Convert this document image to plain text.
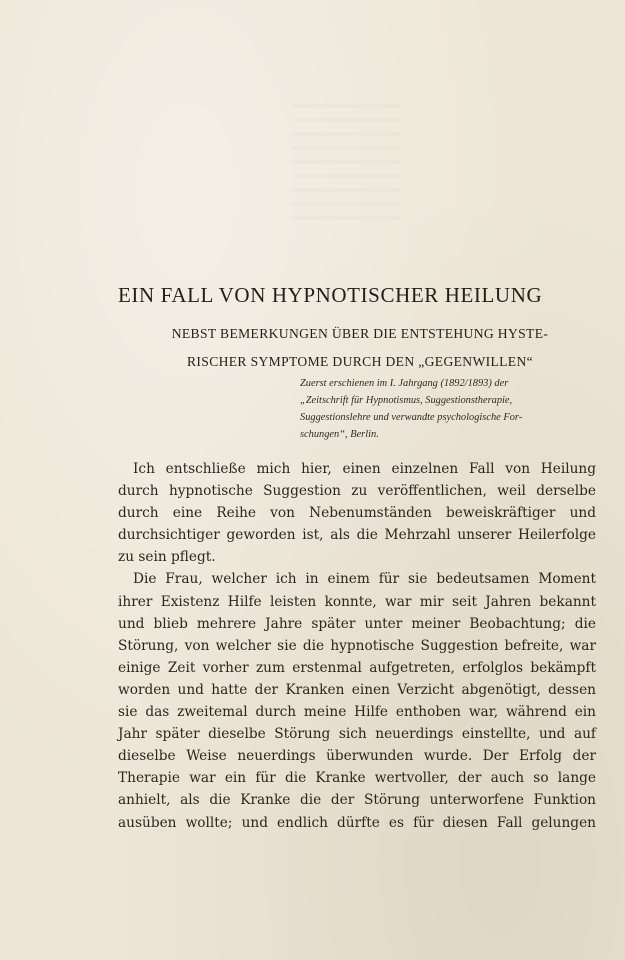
EIN FALL VON HYPNOTISCHER HEILUNG
NEBST BEMERKUNGEN ÜBER DIE ENTSTEHUNG HYSTE-
RISCHER SYMPTOME DURCH DEN „GEGENWILLEN“
Zuerst erschienen im I. Jahrgang (1892/1893) der
„Zeitschrift für Hypnotismus, Suggestionstherapie,
Suggestionslehre und verwandte psychologische For-
schungen“, Berlin.
Ich entschließe mich hier, einen einzelnen Fall von Heilung
durch hypnotische Suggestion zu veröffentlichen, weil derselbe
durch eine Reihe von Nebenumständen beweiskräftiger und
durchsichtiger geworden ist, als die Mehrzahl unserer Heilerfolge
zu sein pflegt.
Die Frau, welcher ich in einem für sie bedeutsamen Moment
ihrer Existenz Hilfe leisten konnte, war mir seit Jahren bekannt
und blieb mehrere Jahre später unter meiner Beobachtung; die
Störung, von welcher sie die hypnotische Suggestion befreite, war
einige Zeit vorher zum erstenmal aufgetreten, erfolglos bekämpft
worden und hatte der Kranken einen Verzicht abgenötigt, dessen
sie das zweitemal durch meine Hilfe enthoben war, während ein
Jahr später dieselbe Störung sich neuerdings einstellte, und auf
dieselbe Weise neuerdings überwunden wurde. Der Erfolg der
Therapie war ein für die Kranke wertvoller, der auch so lange
anhielt, als die Kranke die der Störung unterworfene Funktion
ausüben wollte; und endlich dürfte es für diesen Fall gelungen
